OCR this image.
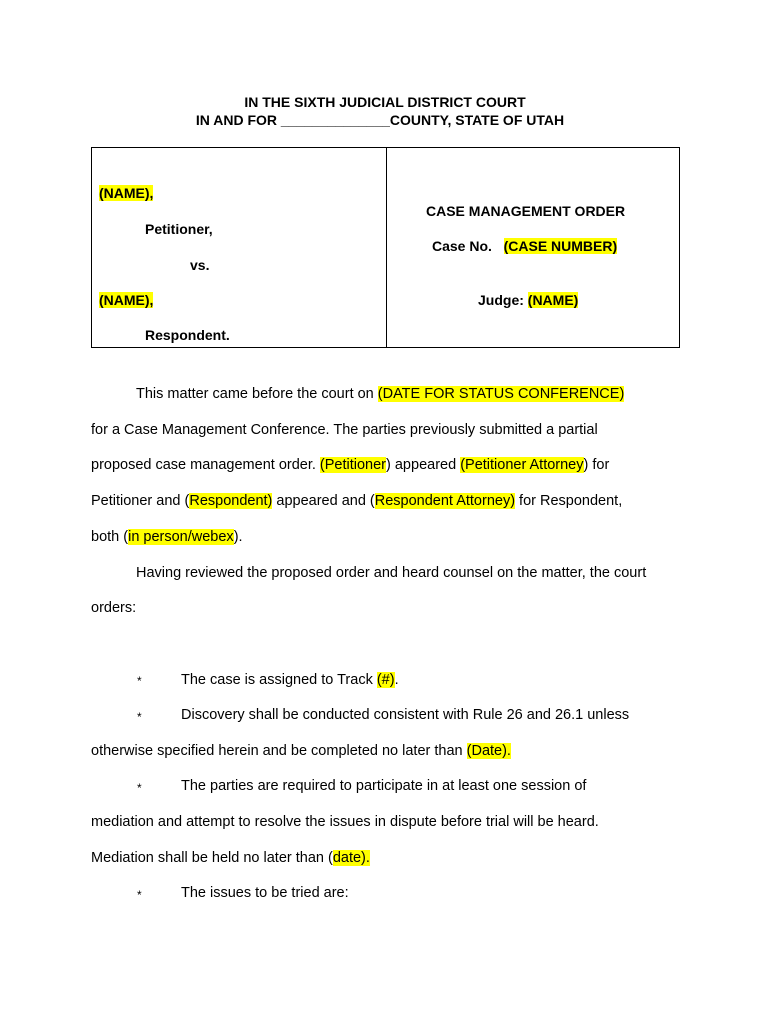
IN THE SIXTH JUDICIAL DISTRICT COURT
IN AND FOR ______________COUNTY, STATE OF UTAH
(NAME),
Petitioner,
vs.
(NAME),
Respondent.
CASE MANAGEMENT ORDER
Case No. (CASE NUMBER)
Judge: (NAME)
This matter came before the court on (DATE FOR STATUS CONFERENCE)
for a Case Management Conference. The parties previously submitted a partial
proposed case management order. (Petitioner) appeared (Petitioner Attorney) for
Petitioner and (Respondent) appeared and (Respondent Attorney) for Respondent,
both (in person/webex).
Having reviewed the proposed order and heard counsel on the matter, the court
orders:
*	The case is assigned to Track (#).
*	Discovery shall be conducted consistent with Rule 26 and 26.1 unless
otherwise specified herein and be completed no later than (Date).
*	The parties are required to participate in at least one session of
mediation and attempt to resolve the issues in dispute before trial will be heard.
Mediation shall be held no later than (date).
*	The issues to be tried are:
